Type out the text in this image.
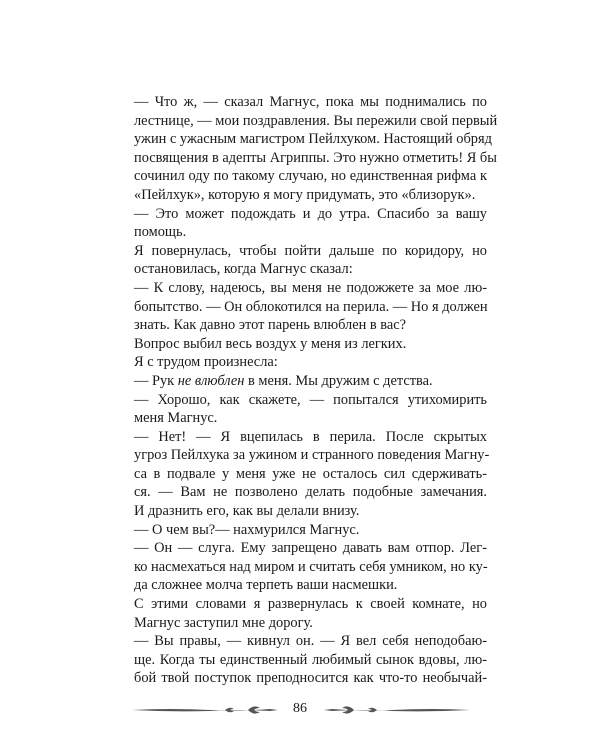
— Что ж, — сказал Магнус, пока мы поднимались по
лестнице, — мои поздравления. Вы пережили свой первый
ужин с ужасным магистром Пейлхуком. Настоящий обряд
посвящения в адепты Агриппы. Это нужно отметить! Я бы
сочинил оду по такому случаю, но единственная рифма к
«Пейлхук», которую я могу придумать, это «близорук».
— Это может подождать и до утра. Спасибо за вашу
помощь.
Я повернулась, чтобы пойти дальше по коридору, но
остановилась, когда Магнус сказал:
— К слову, надеюсь, вы меня не подожжете за мое лю-
бопытство. — Он облокотился на перила. — Но я должен
знать. Как давно этот парень влюблен в вас?
Вопрос выбил весь воздух у меня из легких.
Я с трудом произнесла:
— Рук не влюблен в меня. Мы дружим с детства.
— Хорошо, как скажете, — попытался утихомирить
меня Магнус.
— Нет! — Я вцепилась в перила. После скрытых
угроз Пейлхука за ужином и странного поведения Магну-
са в подвале у меня уже не осталось сил сдерживать-
ся. — Вам не позволено делать подобные замечания.
И дразнить его, как вы делали внизу.
— О чем вы?— нахмурился Магнус.
— Он — слуга. Ему запрещено давать вам отпор. Лег-
ко насмехаться над миром и считать себя умником, но ку-
да сложнее молча терпеть ваши насмешки.
С этими словами я развернулась к своей комнате, но
Магнус заступил мне дорогу.
— Вы правы, — кивнул он. — Я вел себя неподобаю-
ще. Когда ты единственный любимый сынок вдовы, лю-
бой твой поступок преподносится как что-то необычай-
86
